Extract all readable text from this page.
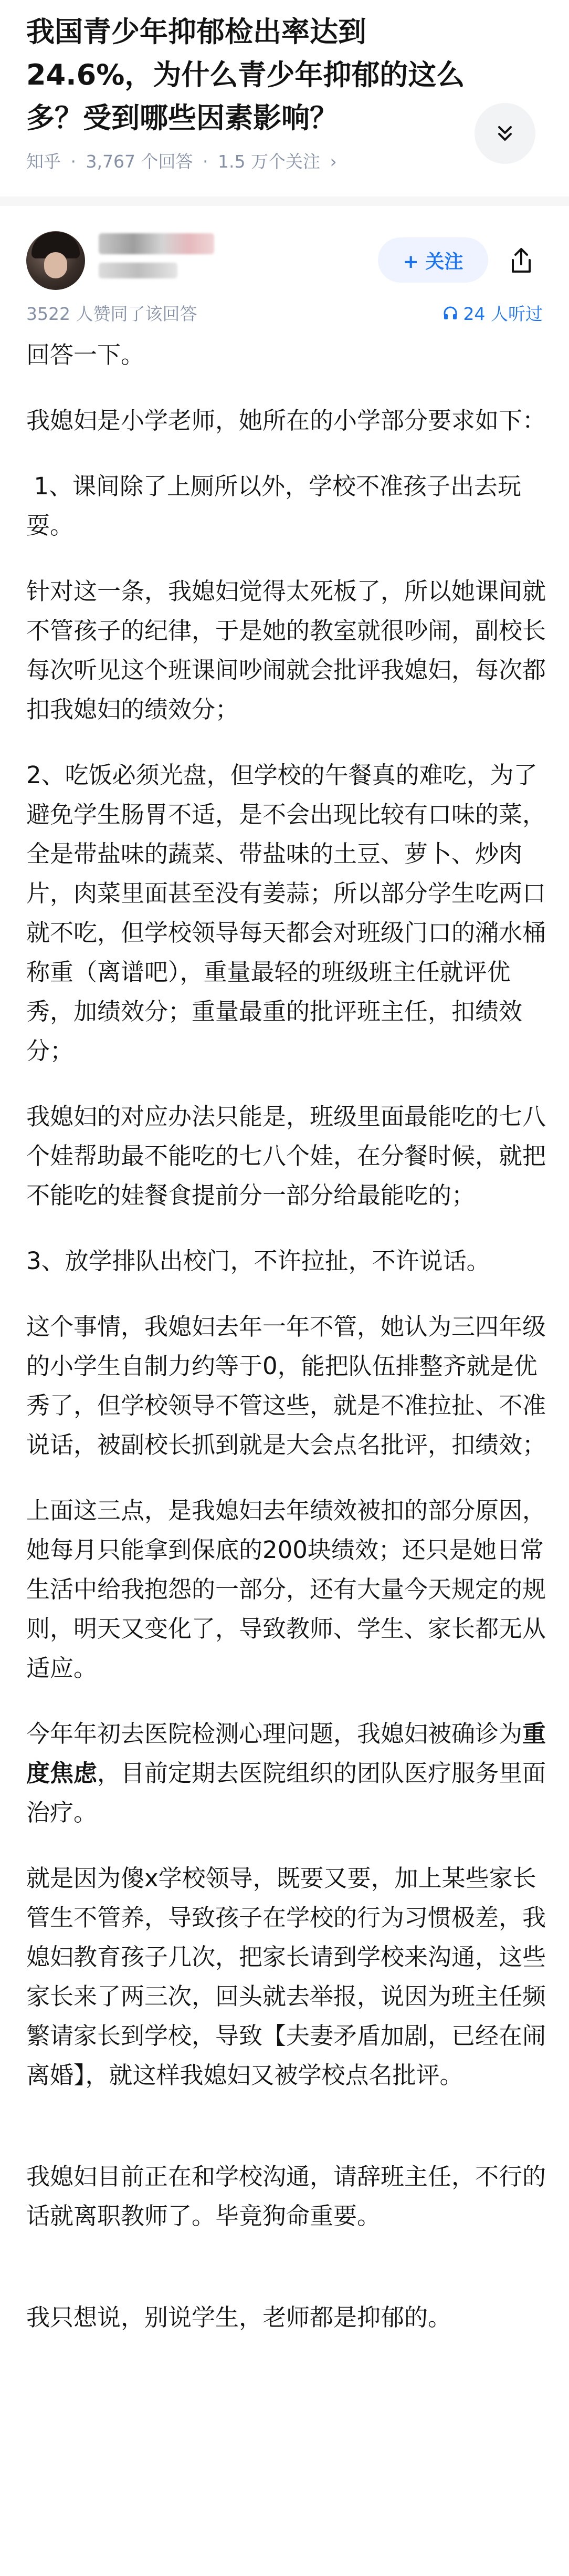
我国青少年抑郁检出率达到 24.6%，为什么青少年抑郁的这么多？受到哪些因素影响？
知乎 · 3,767 个回答 · 1.5 万个关注 ›
+ 关注
3522 人赞同了该回答	24 人听过

回答一下。

我媳妇是小学老师，她所在的小学部分要求如下：

1、课间除了上厕所以外，学校不准孩子出去玩耍。

针对这一条，我媳妇觉得太死板了，所以她课间就不管孩子的纪律，于是她的教室就很吵闹，副校长每次听见这个班课间吵闹就会批评我媳妇，每次都扣我媳妇的绩效分；

2、吃饭必须光盘，但学校的午餐真的难吃，为了避免学生肠胃不适，是不会出现比较有口味的菜，全是带盐味的蔬菜、带盐味的土豆、萝卜、炒肉片，肉菜里面甚至没有姜蒜；所以部分学生吃两口就不吃，但学校领导每天都会对班级门口的潲水桶称重（离谱吧），重量最轻的班级班主任就评优秀，加绩效分；重量最重的批评班主任，扣绩效分；

我媳妇的对应办法只能是，班级里面最能吃的七八个娃帮助最不能吃的七八个娃，在分餐时候，就把不能吃的娃餐食提前分一部分给最能吃的；

3、放学排队出校门，不许拉扯，不许说话。

这个事情，我媳妇去年一年不管，她认为三四年级的小学生自制力约等于0，能把队伍排整齐就是优秀了，但学校领导不管这些，就是不准拉扯、不准说话，被副校长抓到就是大会点名批评，扣绩效；

上面这三点，是我媳妇去年绩效被扣的部分原因，她每月只能拿到保底的200块绩效；还只是她日常生活中给我抱怨的一部分，还有大量今天规定的规则，明天又变化了，导致教师、学生、家长都无从适应。

今年年初去医院检测心理问题，我媳妇被确诊为重度焦虑，目前定期去医院组织的团队医疗服务里面治疗。

就是因为傻x学校领导，既要又要，加上某些家长管生不管养，导致孩子在学校的行为习惯极差，我媳妇教育孩子几次，把家长请到学校来沟通，这些家长来了两三次，回头就去举报，说因为班主任频繁请家长到学校，导致【夫妻矛盾加剧，已经在闹离婚】，就这样我媳妇又被学校点名批评。

我媳妇目前正在和学校沟通，请辞班主任，不行的话就离职教师了。毕竟狗命重要。

我只想说，别说学生，老师都是抑郁的。
